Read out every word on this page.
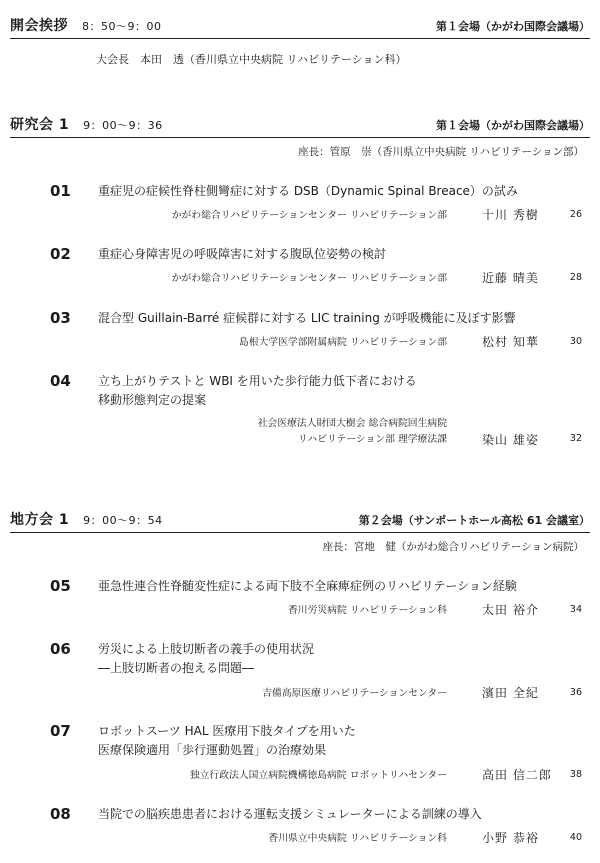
開会挨拶 8：50～9：00	第１会場（かがわ国際会議場）
大会長　本田　透（香川県立中央病院 リハビリテーション科）
研究会 1 9：00～9：36	第１会場（かがわ国際会議場）
座長：管原　崇（香川県立中央病院 リハビリテーション部）
01 重症児の症候性脊柱側彎症に対する DSB（Dynamic Spinal Breace）の試み
かがわ総合リハビリテーションセンター リハビリテーション部	十川 秀樹	26
02 重症心身障害児の呼吸障害に対する腹臥位姿勢の検討
かがわ総合リハビリテーションセンター リハビリテーション部	近藤 晴美	28
03 混合型 Guillain-Barré 症候群に対する LIC training が呼吸機能に及ぼす影響
島根大学医学部附属病院 リハビリテーション部	松村 知華	30
04 立ち上がりテストと WBI を用いた歩行能力低下者における
移動形態判定の提案
社会医療法人財団大樹会 総合病院回生病院
リハビリテーション部 理学療法課	染山 雄姿	32
地方会 1 9：00～9：54	第２会場（サンポートホール高松 61 会議室）
座長：宮地　健（かがわ総合リハビリテーション病院）
05 亜急性連合性脊髄変性症による両下肢不全麻痺症例のリハビリテーション経験
香川労災病院 リハビリテーション科	太田 裕介	34
06 労災による上肢切断者の義手の使用状況
―上肢切断者の抱える問題―
吉備高原医療リハビリテーションセンター	濱田 全紀	36
07 ロボットスーツ HAL 医療用下肢タイプを用いた
医療保険適用「歩行運動処置」の治療効果
独立行政法人国立病院機構徳島病院 ロボットリハセンター	高田 信二郎 38
08 当院での脳疾患患者における運転支援シミュレーターによる訓練の導入
香川県立中央病院 リハビリテーション科	小野 恭裕	40
